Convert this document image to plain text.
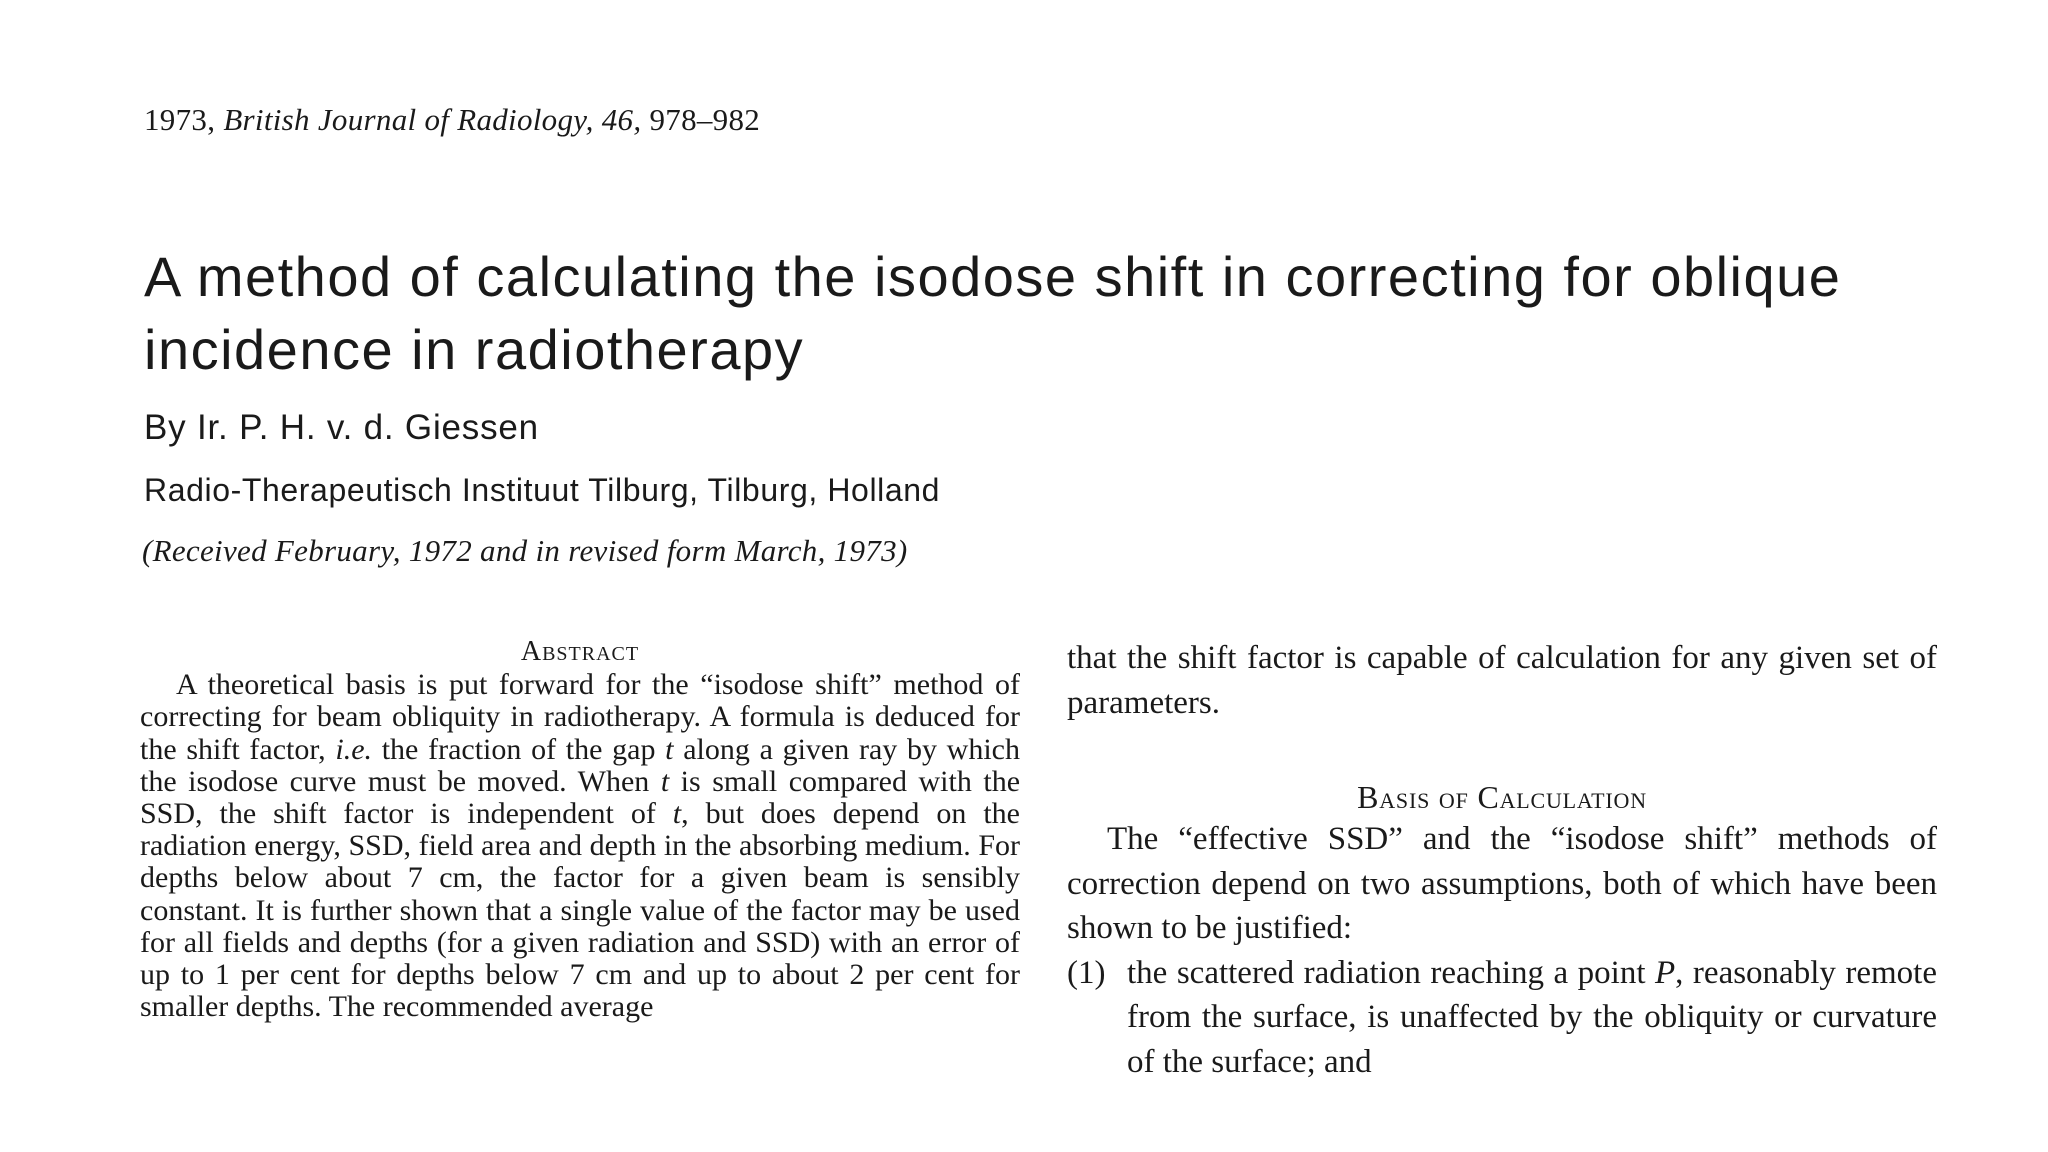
1973, British Journal of Radiology, 46, 978–982
A method of calculating the isodose shift in correcting for oblique incidence in radiotherapy
By Ir. P. H. v. d. Giessen
Radio-Therapeutisch Instituut Tilburg, Tilburg, Holland
(Received February, 1972 and in revised form March, 1973)
Abstract
A theoretical basis is put forward for the “isodose shift” method of correcting for beam obliquity in radiotherapy. A formula is deduced for the shift factor, i.e. the fraction of the gap t along a given ray by which the isodose curve must be moved. When t is small compared with the SSD, the shift factor is independent of t, but does depend on the radiation energy, SSD, field area and depth in the absorbing medium. For depths below about 7 cm, the factor for a given beam is sensibly constant. It is further shown that a single value of the factor may be used for all fields and depths (for a given radiation and SSD) with an error of up to 1 per cent for depths below 7 cm and up to about 2 per cent for smaller depths. The recommended average

that the shift factor is capable of calculation for any given set of parameters.

Basis of Calculation

The “effective SSD” and the “isodose shift” methods of correction depend on two assumptions, both of which have been shown to be justified:

(1) the scattered radiation reaching a point P, reasonably remote from the surface, is unaffected by the obliquity or curvature of the surface; and
